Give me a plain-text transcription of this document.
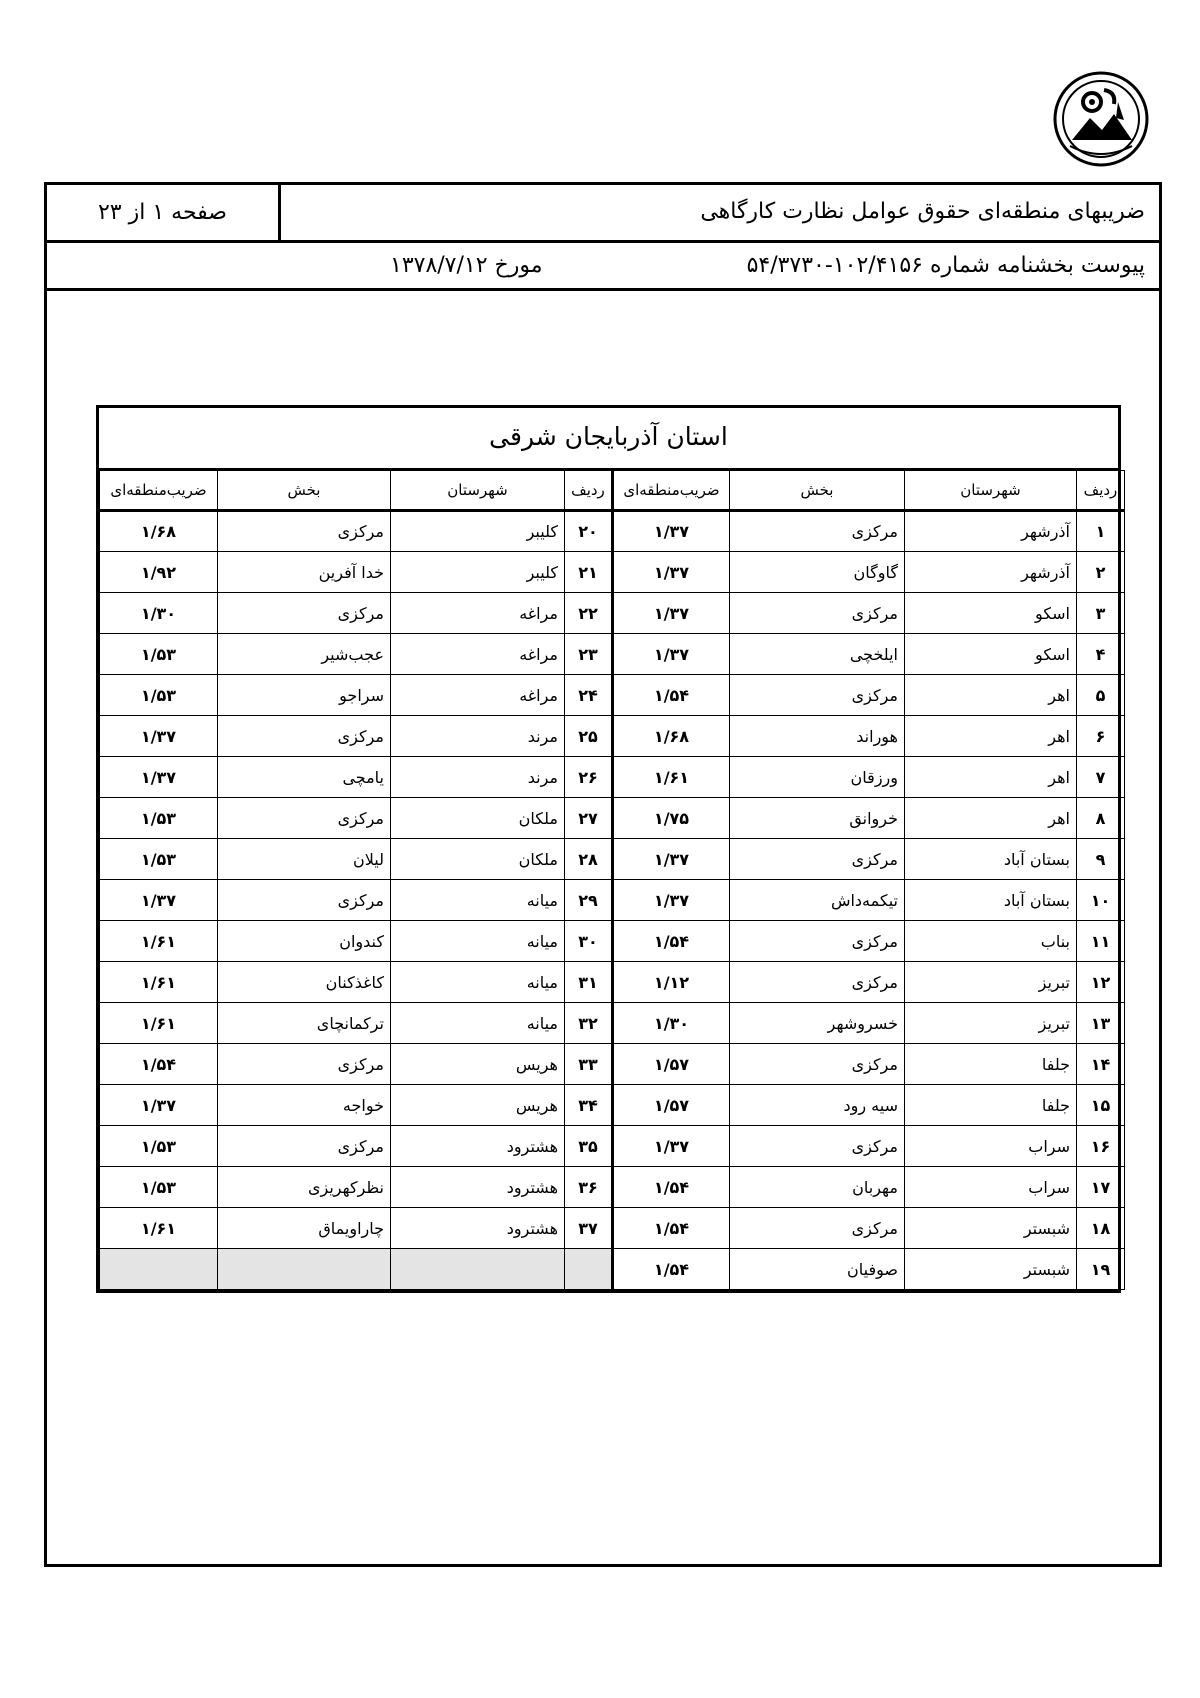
صفحه ۱ از ۲۳	ضریبهای منطقه‌ای حقوق عوامل نظارت کارگاهی
پیوست بخشنامه شماره ۱۰۲/۴۱۵۶-۵۴/۳۷۳۰
مورخ ۱۳۷۸/۷/۱۲
استان آذربایجان شرقی
ردیف	شهرستان	بخش	ضریب‌منطقه‌ای	ردیف	شهرستان	بخش	ضریب‌منطقه‌ای
۱	آذرشهر	مرکزی	۱/۳۷	۲۰	کلیبر	مرکزی	۱/۶۸
۲	آذرشهر	گاوگان	۱/۳۷	۲۱	کلیبر	خدا آفرین	۱/۹۲
۳	اسکو	مرکزی	۱/۳۷	۲۲	مراغه	مرکزی	۱/۳۰
۴	اسکو	ایلخچی	۱/۳۷	۲۳	مراغه	عجب‌شیر	۱/۵۳
۵	اهر	مرکزی	۱/۵۴	۲۴	مراغه	سراجو	۱/۵۳
۶	اهر	هوراند	۱/۶۸	۲۵	مرند	مرکزی	۱/۳۷
۷	اهر	ورزقان	۱/۶۱	۲۶	مرند	یامچی	۱/۳۷
۸	اهر	خروانق	۱/۷۵	۲۷	ملکان	مرکزی	۱/۵۳
۹	بستان آباد	مرکزی	۱/۳۷	۲۸	ملکان	لیلان	۱/۵۳
۱۰	بستان آباد	تیکمه‌داش	۱/۳۷	۲۹	میانه	مرکزی	۱/۳۷
۱۱	بناب	مرکزی	۱/۵۴	۳۰	میانه	کندوان	۱/۶۱
۱۲	تبریز	مرکزی	۱/۱۲	۳۱	میانه	کاغذکنان	۱/۶۱
۱۳	تبریز	خسروشهر	۱/۳۰	۳۲	میانه	ترکمانچای	۱/۶۱
۱۴	جلفا	مرکزی	۱/۵۷	۳۳	هریس	مرکزی	۱/۵۴
۱۵	جلفا	سیه رود	۱/۵۷	۳۴	هریس	خواجه	۱/۳۷
۱۶	سراب	مرکزی	۱/۳۷	۳۵	هشترود	مرکزی	۱/۵۳
۱۷	سراب	مهربان	۱/۵۴	۳۶	هشترود	نظرکهریزی	۱/۵۳
۱۸	شبستر	مرکزی	۱/۵۴	۳۷	هشترود	چاراویماق	۱/۶۱
۱۹	شبستر	صوفیان	۱/۵۴				
